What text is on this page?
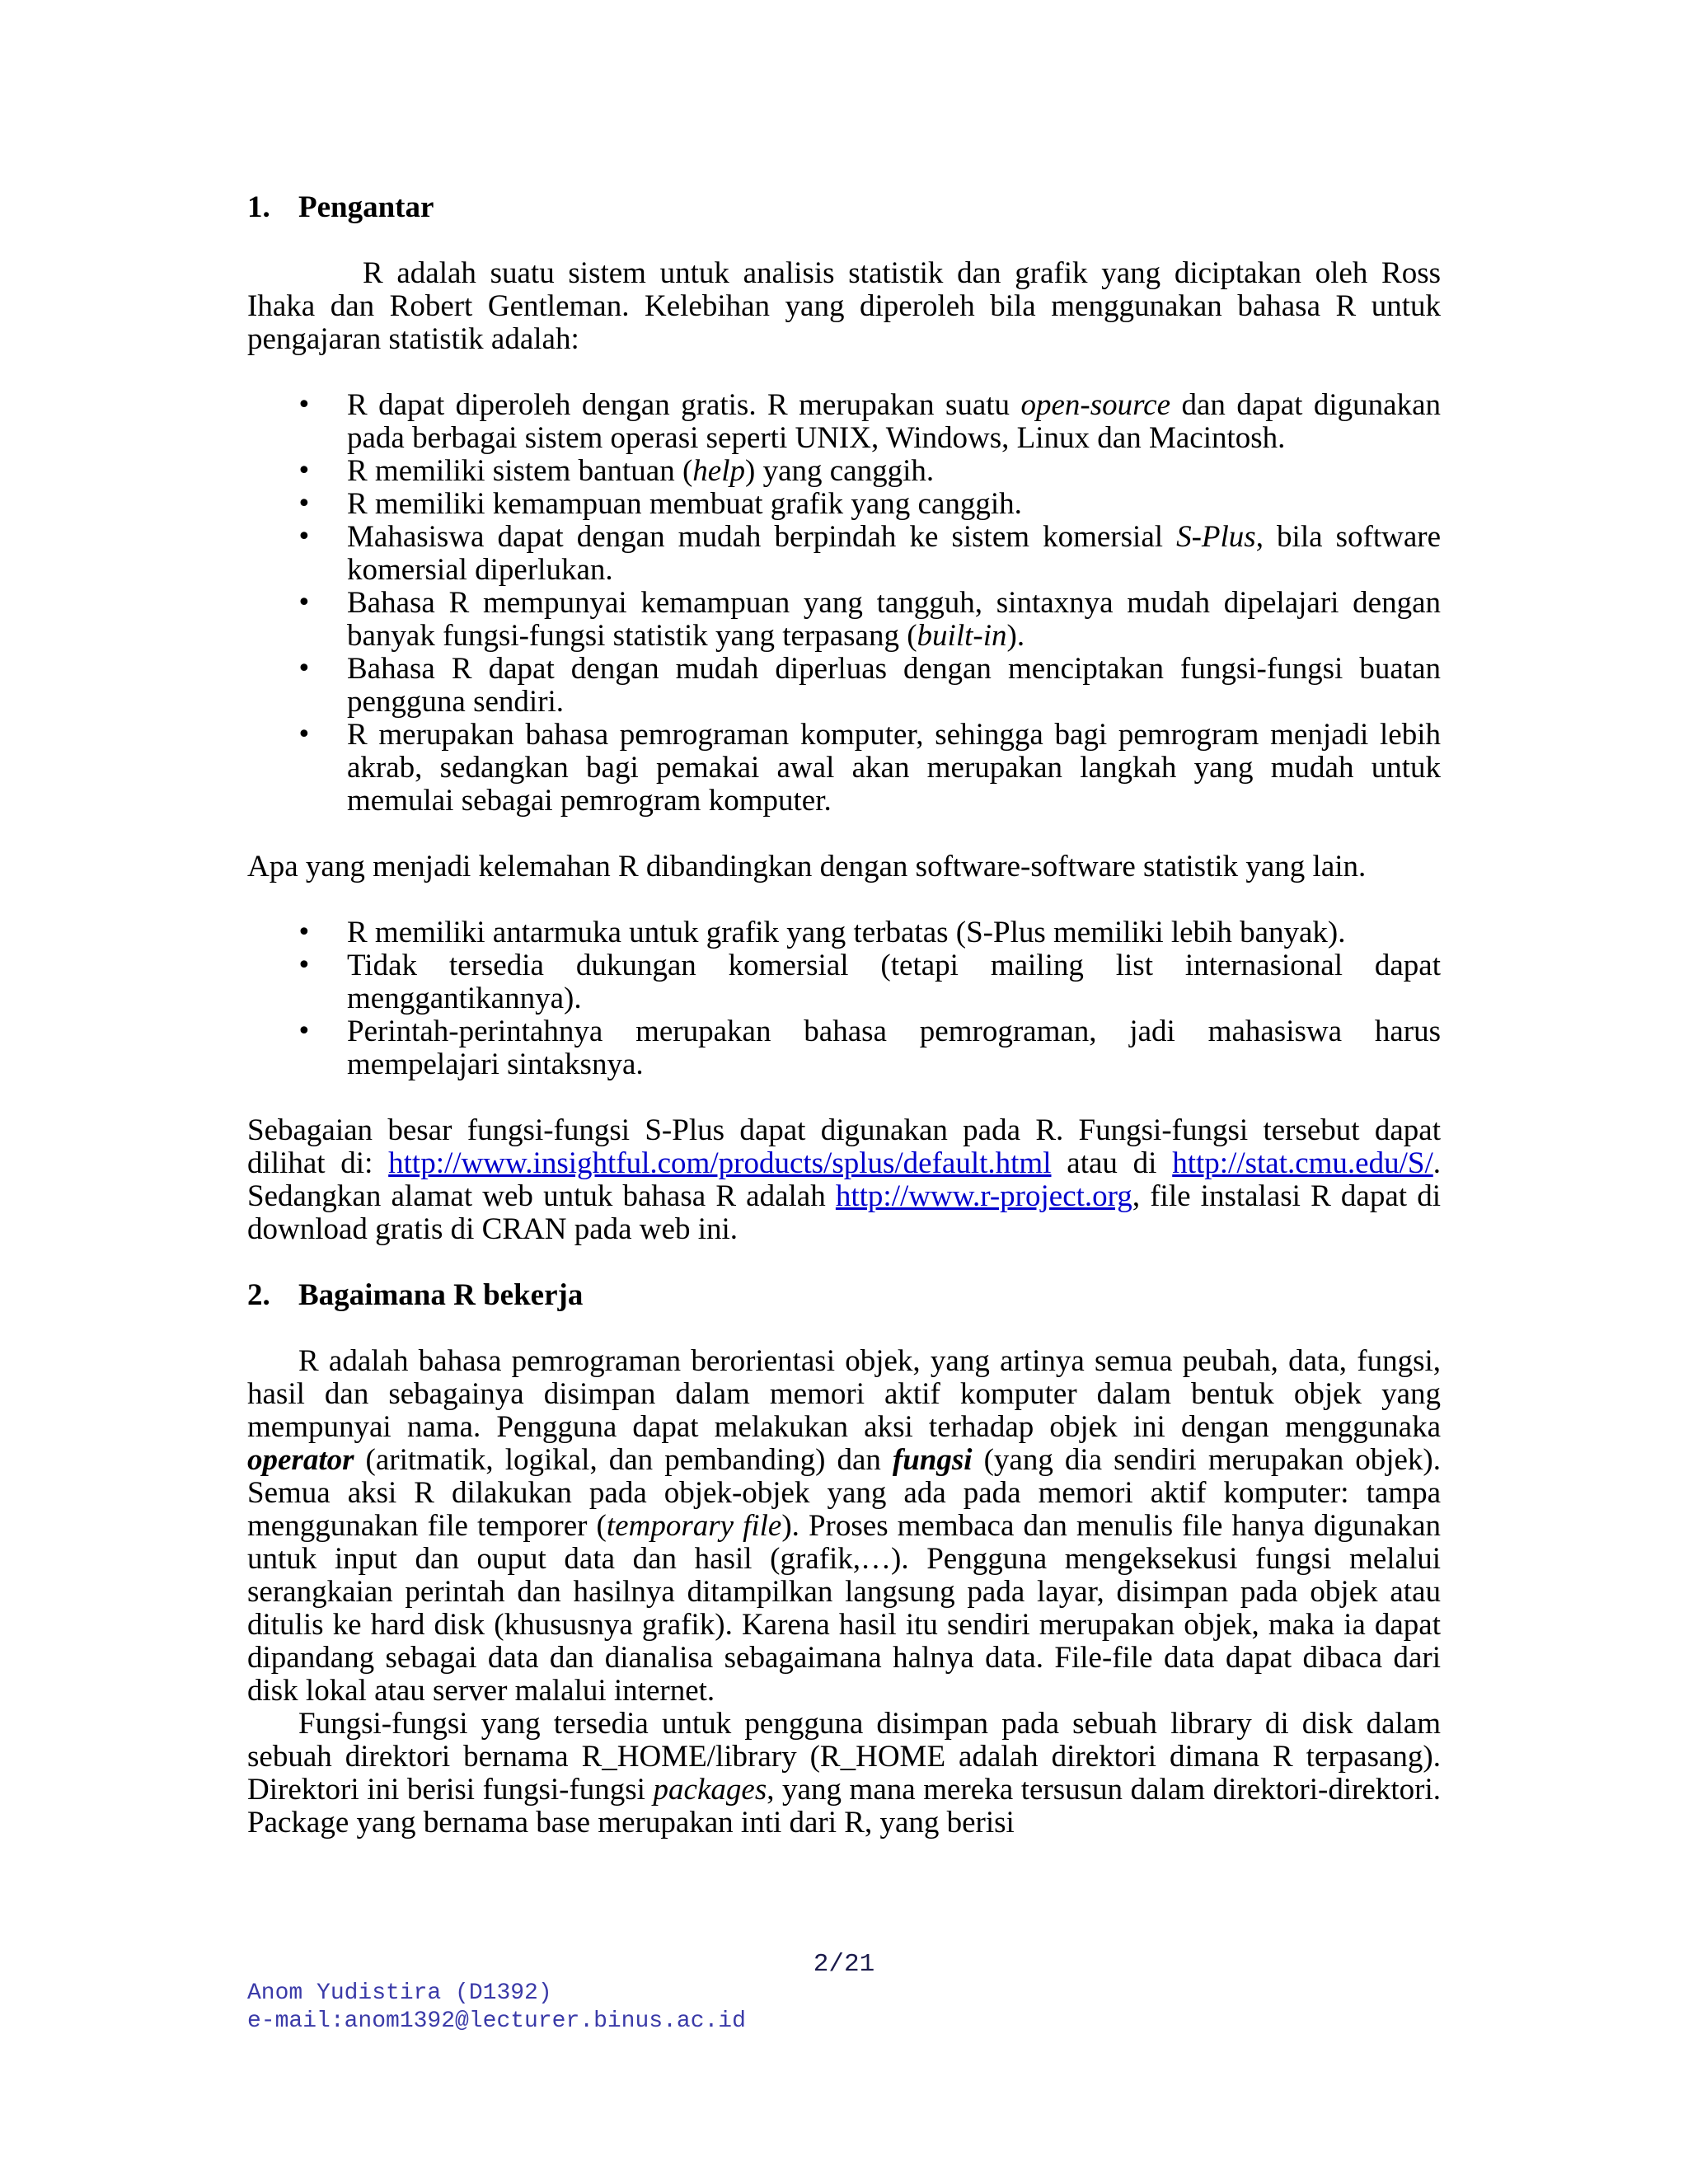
1. Pengantar

R adalah suatu sistem untuk analisis statistik dan grafik yang diciptakan oleh Ross Ihaka dan Robert Gentleman. Kelebihan yang diperoleh bila menggunakan bahasa R untuk pengajaran statistik adalah:

• R dapat diperoleh dengan gratis. R merupakan suatu open-source dan dapat digunakan pada berbagai sistem operasi seperti UNIX, Windows, Linux dan Macintosh.
• R memiliki sistem bantuan (help) yang canggih.
• R memiliki kemampuan membuat grafik yang canggih.
• Mahasiswa dapat dengan mudah berpindah ke sistem komersial S-Plus, bila software komersial diperlukan.
• Bahasa R mempunyai kemampuan yang tangguh, sintaxnya mudah dipelajari dengan banyak fungsi-fungsi statistik yang terpasang (built-in).
• Bahasa R dapat dengan mudah diperluas dengan menciptakan fungsi-fungsi buatan pengguna sendiri.
• R merupakan bahasa pemrograman komputer, sehingga bagi pemrogram menjadi lebih akrab, sedangkan bagi pemakai awal akan merupakan langkah yang mudah untuk memulai sebagai pemrogram komputer.

Apa yang menjadi kelemahan R dibandingkan dengan software-software statistik yang lain.

• R memiliki antarmuka untuk grafik yang terbatas (S-Plus memiliki lebih banyak).
• Tidak tersedia dukungan komersial (tetapi mailing list internasional dapat menggantikannya).
• Perintah-perintahnya merupakan bahasa pemrograman, jadi mahasiswa harus mempelajari sintaksnya.

Sebagaian besar fungsi-fungsi S-Plus dapat digunakan pada R. Fungsi-fungsi tersebut dapat dilihat di: http://www.insightful.com/products/splus/default.html atau di http://stat.cmu.edu/S/. Sedangkan alamat web untuk bahasa R adalah http://www.r-project.org, file instalasi R dapat di download gratis di CRAN pada web ini.

2. Bagaimana R bekerja

R adalah bahasa pemrograman berorientasi objek, yang artinya semua peubah, data, fungsi, hasil dan sebagainya disimpan dalam memori aktif komputer dalam bentuk objek yang mempunyai nama. Pengguna dapat melakukan aksi terhadap objek ini dengan menggunaka operator (aritmatik, logikal, dan pembanding) dan fungsi (yang dia sendiri merupakan objek). Semua aksi R dilakukan pada objek-objek yang ada pada memori aktif komputer: tampa menggunakan file temporer (temporary file). Proses membaca dan menulis file hanya digunakan untuk input dan ouput data dan hasil (grafik,…). Pengguna mengeksekusi fungsi melalui serangkaian perintah dan hasilnya ditampilkan langsung pada layar, disimpan pada objek atau ditulis ke hard disk (khususnya grafik). Karena hasil itu sendiri merupakan objek, maka ia dapat dipandang sebagai data dan dianalisa sebagaimana halnya data. File-file data dapat dibaca dari disk lokal atau server malalui internet.

Fungsi-fungsi yang tersedia untuk pengguna disimpan pada sebuah library di disk dalam sebuah direktori bernama R_HOME/library (R_HOME adalah direktori dimana R terpasang). Direktori ini berisi fungsi-fungsi packages, yang mana mereka tersusun dalam direktori-direktori. Package yang bernama base merupakan inti dari R, yang berisi

2/21
Anom Yudistira (D1392)
e-mail:anom1392@lecturer.binus.ac.id
